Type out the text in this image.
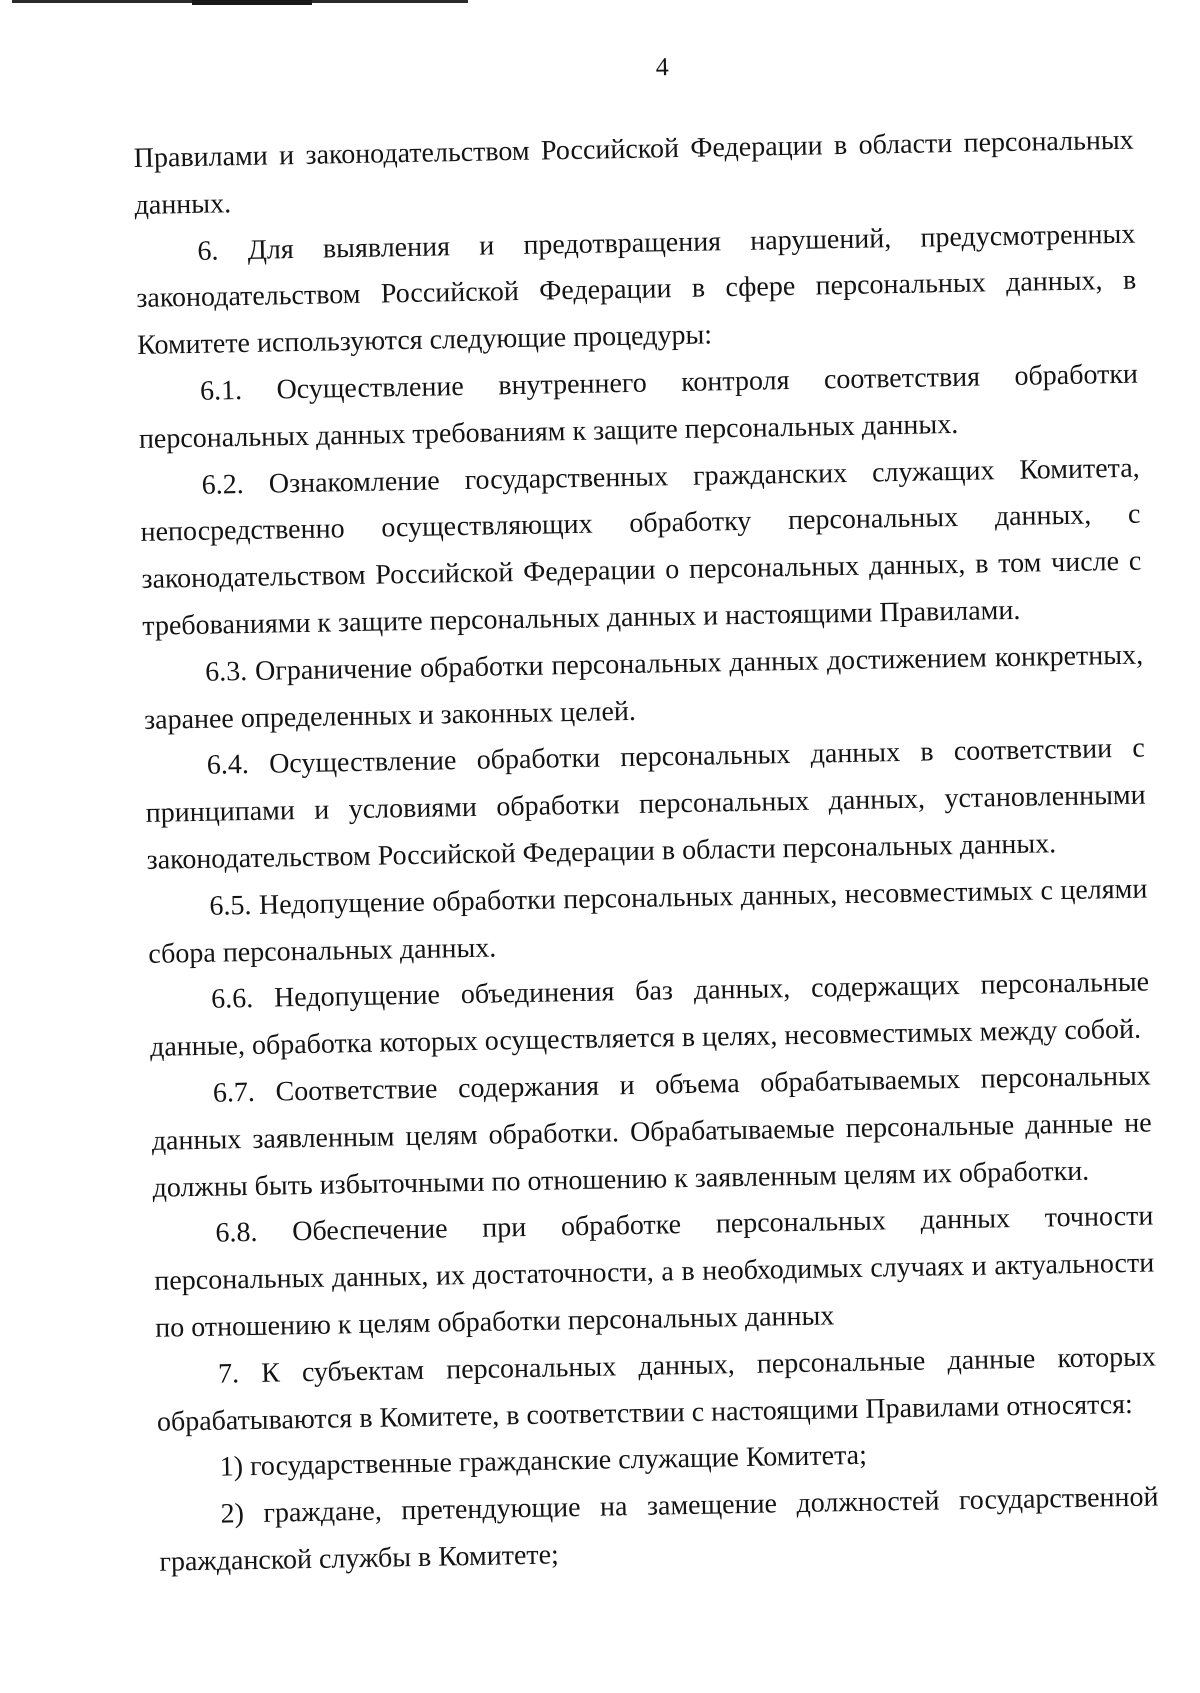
4

Правилами и законодательством Российской Федерации в области персональных данных.

6. Для выявления и предотвращения нарушений, предусмотренных законодательством Российской Федерации в сфере персональных данных, в Комитете используются следующие процедуры:

6.1. Осуществление внутреннего контроля соответствия обработки персональных данных требованиям к защите персональных данных.

6.2. Ознакомление государственных гражданских служащих Комитета, непосредственно осуществляющих обработку персональных данных, с законодательством Российской Федерации о персональных данных, в том числе с требованиями к защите персональных данных и настоящими Правилами.

6.3. Ограничение обработки персональных данных достижением конкретных, заранее определенных и законных целей.

6.4. Осуществление обработки персональных данных в соответствии с принципами и условиями обработки персональных данных, установленными законодательством Российской Федерации в области персональных данных.

6.5. Недопущение обработки персональных данных, несовместимых с целями сбора персональных данных.

6.6. Недопущение объединения баз данных, содержащих персональные данные, обработка которых осуществляется в целях, несовместимых между собой.

6.7. Соответствие содержания и объема обрабатываемых персональных данных заявленным целям обработки. Обрабатываемые персональные данные не должны быть избыточными по отношению к заявленным целям их обработки.

6.8. Обеспечение при обработке персональных данных точности персональных данных, их достаточности, а в необходимых случаях и актуальности по отношению к целям обработки персональных данных

7. К субъектам персональных данных, персональные данные которых обрабатываются в Комитете, в соответствии с настоящими Правилами относятся:

1) государственные гражданские служащие Комитета;

2) граждане, претендующие на замещение должностей государственной гражданской службы в Комитете;
